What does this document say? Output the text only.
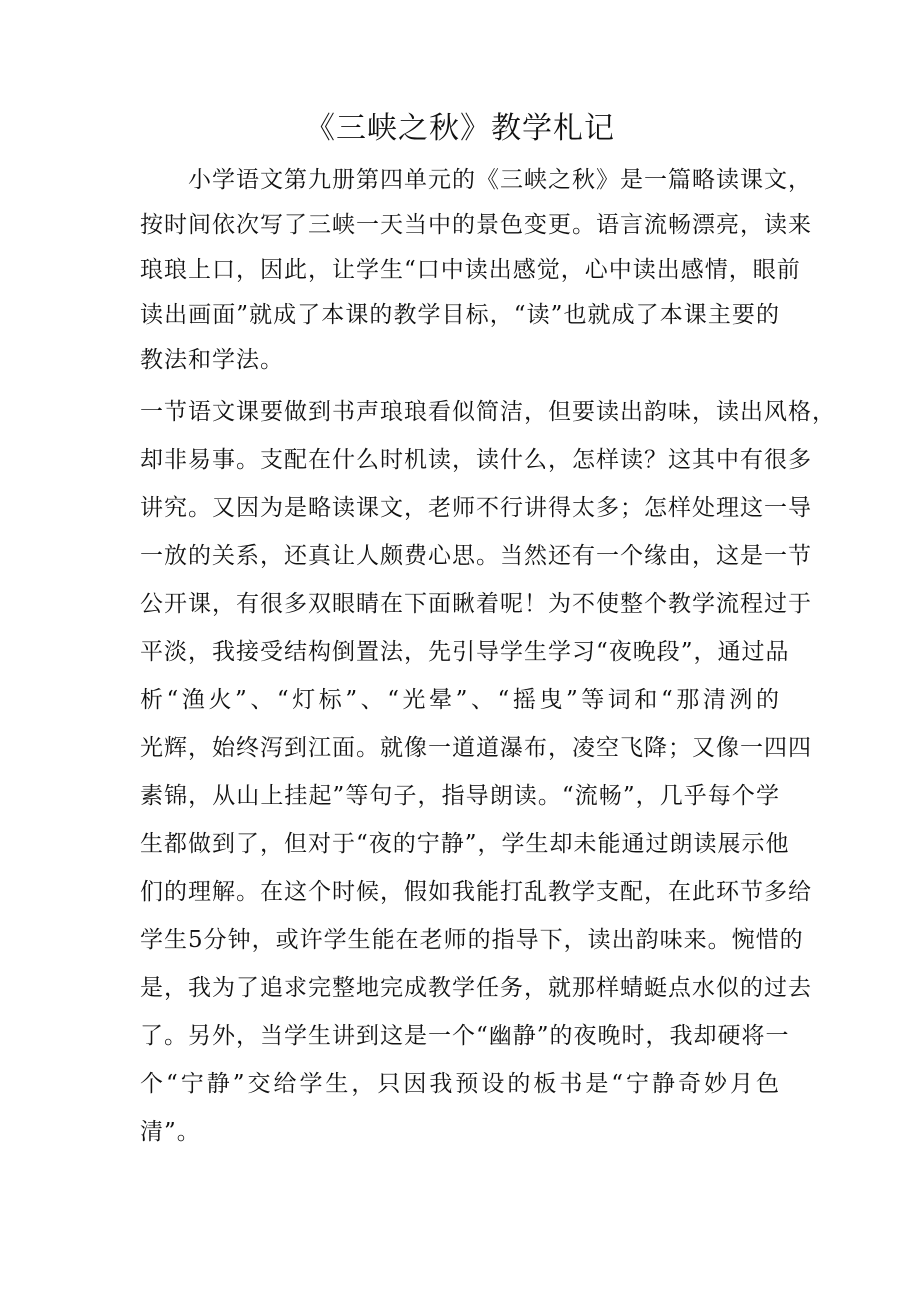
《三峡之秋》教学札记
小学语文第九册第四单元的《三峡之秋》是一篇略读课文，
按时间依次写了三峡一天当中的景色变更。语言流畅漂亮，读来
琅琅上口，因此，让学生“口中读出感觉，心中读出感情，眼前
读出画面”就成了本课的教学目标，“读”也就成了本课主要的
教法和学法。
一节语文课要做到书声琅琅看似简洁，但要读出韵味，读出风格，
却非易事。支配在什么时机读，读什么，怎样读？这其中有很多
讲究。又因为是略读课文，老师不行讲得太多；怎样处理这一导
一放的关系，还真让人颇费心思。当然还有一个缘由，这是一节
公开课，有很多双眼睛在下面瞅着呢！为不使整个教学流程过于
平淡，我接受结构倒置法，先引导学生学习“夜晚段”，通过品
析“渔火”、“灯标”、“光晕”、“摇曳”等词和“那清洌的
光辉，始终泻到江面。就像一道道瀑布，凌空飞降；又像一四四
素锦，从山上挂起”等句子，指导朗读。“流畅”，几乎每个学
生都做到了，但对于“夜的宁静”，学生却未能通过朗读展示他
们的理解。在这个时候，假如我能打乱教学支配，在此环节多给
学生5分钟，或许学生能在老师的指导下，读出韵味来。惋惜的
是，我为了追求完整地完成教学任务，就那样蜻蜓点水似的过去
了。另外，当学生讲到这是一个“幽静”的夜晚时，我却硬将一
个“宁静”交给学生，只因我预设的板书是“宁静奇妙月色
清”。
